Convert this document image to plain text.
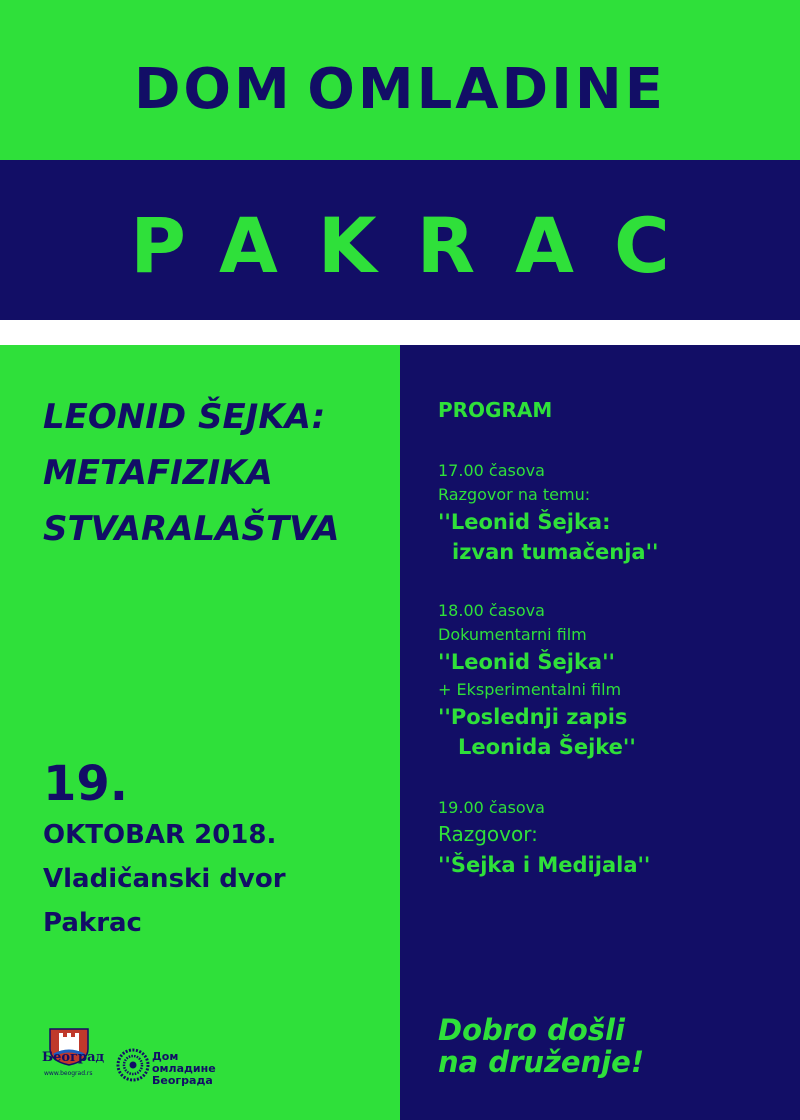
DOM OMLADINE
PAKRAC
LEONID ŠEJKA:
METAFIZIKA
STVARALAŠTVA
19.
OKTOBAR 2018.
Vladičanski dvor
Pakrac
PROGRAM
17.00 časova
Razgovor na temu:
''Leonid Šejka:
izvan tumačenja''
18.00 časova
Dokumentarni film
''Leonid Šejka''
+ Eksperimentalni film
''Poslednji zapis
Leonida Šejke''
19.00 časova
Razgovor:
''Šejka i Medijala''
Dobro došli
na druženje!
Београд
www.beograd.rs
Дом
омладине
Београда
